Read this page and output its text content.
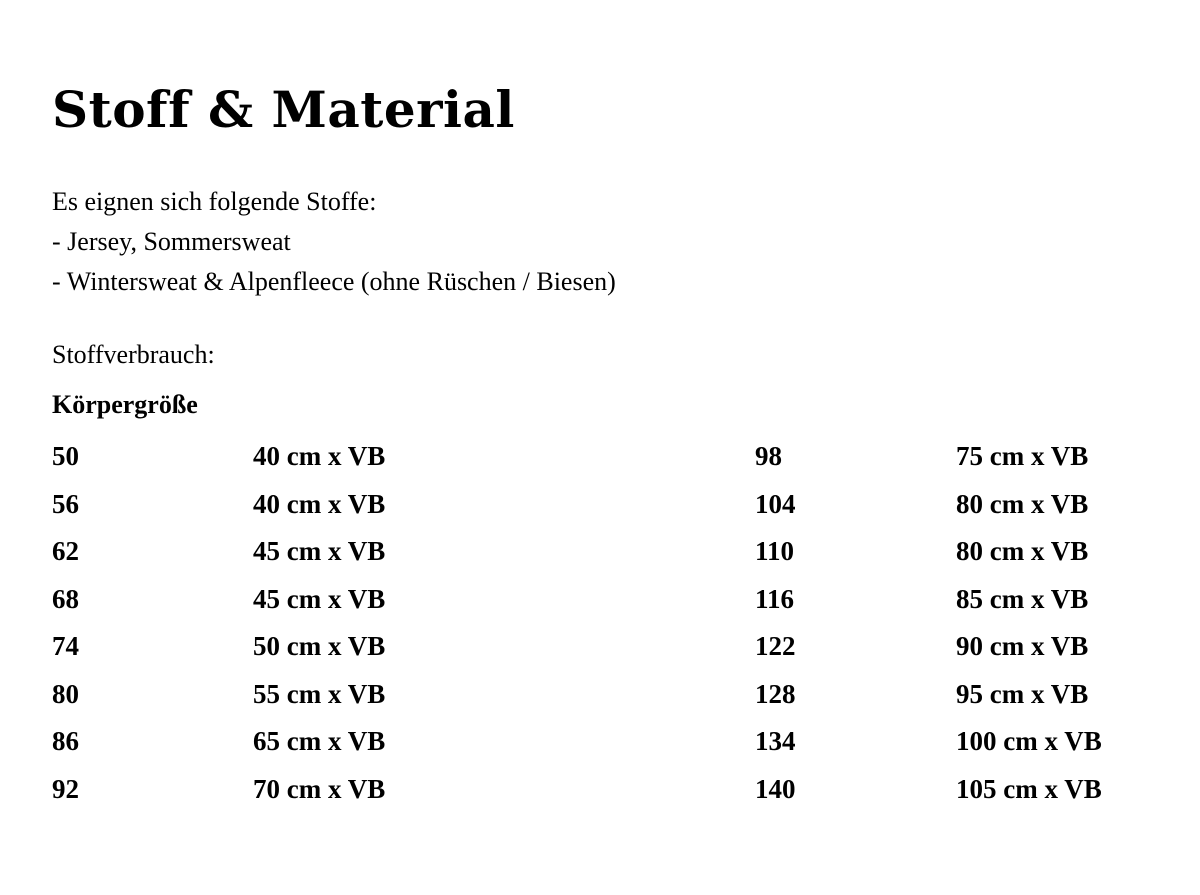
Stoff & Material
Es eignen sich folgende Stoffe:
- Jersey, Sommersweat
- Wintersweat & Alpenfleece (ohne Rüschen / Biesen)
Stoffverbrauch:
Körpergröße
50	40 cm x VB	98	75 cm x VB
56	40 cm x VB	104	80 cm x VB
62	45 cm x VB	110	80 cm x VB
68	45 cm x VB	116	85 cm x VB
74	50 cm x VB	122	90 cm x VB
80	55 cm x VB	128	95 cm x VB
86	65 cm x VB	134	100 cm x VB
92	70 cm x VB	140	105 cm x VB
